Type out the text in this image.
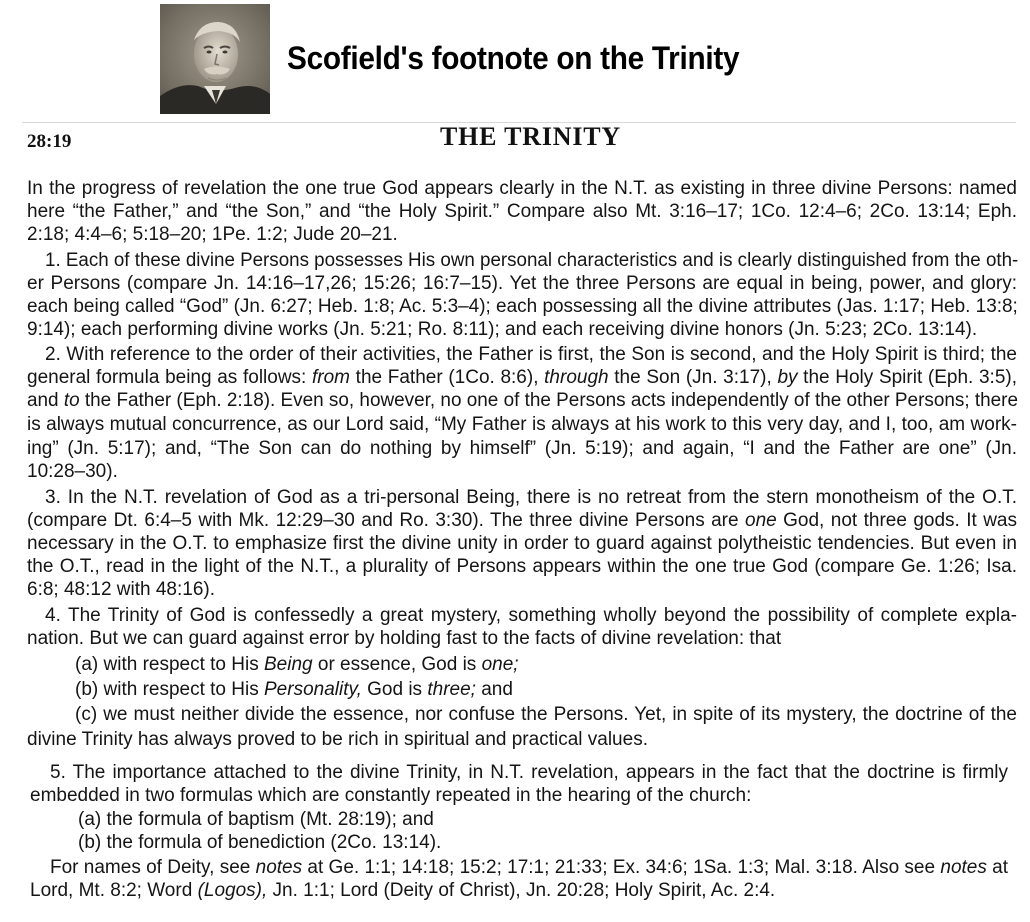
Scofield's footnote on the Trinity
28:19	THE TRINITY
In the progress of revelation the one true God appears clearly in the N.T. as existing in three divine Persons: named
here “the Father,” and “the Son,” and “the Holy Spirit.” Compare also Mt. 3:16–17; 1Co. 12:4–6; 2Co. 13:14; Eph.
2:18; 4:4–6; 5:18–20; 1Pe. 1:2; Jude 20–21.
1. Each of these divine Persons possesses His own personal characteristics and is clearly distinguished from the oth-
er Persons (compare Jn. 14:16–17,26; 15:26; 16:7–15). Yet the three Persons are equal in being, power, and glory:
each being called “God” (Jn. 6:27; Heb. 1:8; Ac. 5:3–4); each possessing all the divine attributes (Jas. 1:17; Heb. 13:8;
9:14); each performing divine works (Jn. 5:21; Ro. 8:11); and each receiving divine honors (Jn. 5:23; 2Co. 13:14).
2. With reference to the order of their activities, the Father is first, the Son is second, and the Holy Spirit is third; the
general formula being as follows: from the Father (1Co. 8:6), through the Son (Jn. 3:17), by the Holy Spirit (Eph. 3:5),
and to the Father (Eph. 2:18). Even so, however, no one of the Persons acts independently of the other Persons; there
is always mutual concurrence, as our Lord said, “My Father is always at his work to this very day, and I, too, am work-
ing” (Jn. 5:17); and, “The Son can do nothing by himself” (Jn. 5:19); and again, “I and the Father are one” (Jn.
10:28–30).
3. In the N.T. revelation of God as a tri-personal Being, there is no retreat from the stern monotheism of the O.T.
(compare Dt. 6:4–5 with Mk. 12:29–30 and Ro. 3:30). The three divine Persons are one God, not three gods. It was
necessary in the O.T. to emphasize first the divine unity in order to guard against polytheistic tendencies. But even in
the O.T., read in the light of the N.T., a plurality of Persons appears within the one true God (compare Ge. 1:26; Isa.
6:8; 48:12 with 48:16).
4. The Trinity of God is confessedly a great mystery, something wholly beyond the possibility of complete expla-
nation. But we can guard against error by holding fast to the facts of divine revelation: that
(a) with respect to His Being or essence, God is one;
(b) with respect to His Personality, God is three; and
(c) we must neither divide the essence, nor confuse the Persons. Yet, in spite of its mystery, the doctrine of the
divine Trinity has always proved to be rich in spiritual and practical values.
5. The importance attached to the divine Trinity, in N.T. revelation, appears in the fact that the doctrine is firmly
embedded in two formulas which are constantly repeated in the hearing of the church:
(a) the formula of baptism (Mt. 28:19); and
(b) the formula of benediction (2Co. 13:14).
For names of Deity, see notes at Ge. 1:1; 14:18; 15:2; 17:1; 21:33; Ex. 34:6; 1Sa. 1:3; Mal. 3:18. Also see notes at
Lord, Mt. 8:2; Word (Logos), Jn. 1:1; Lord (Deity of Christ), Jn. 20:28; Holy Spirit, Ac. 2:4.
